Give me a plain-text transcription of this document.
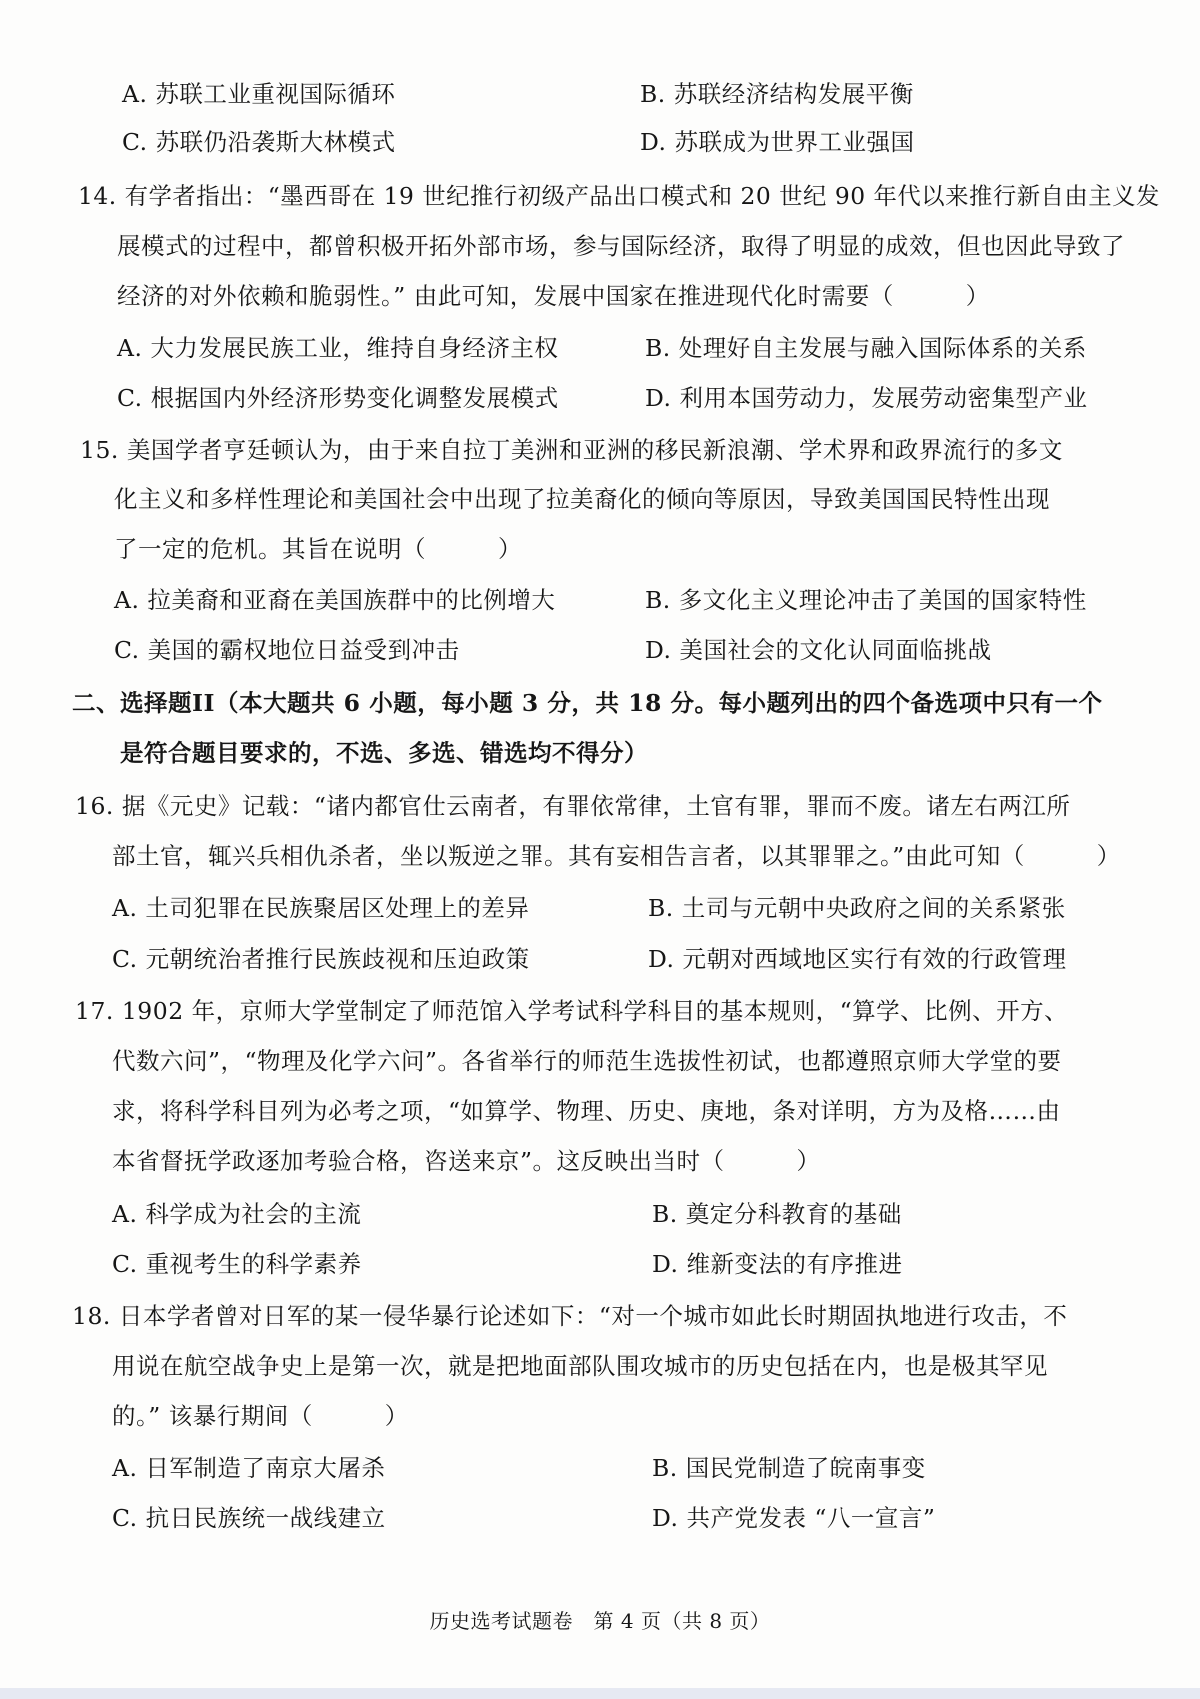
A. 苏联工业重视国际循环	B. 苏联经济结构发展平衡
C. 苏联仍沿袭斯大林模式	D. 苏联成为世界工业强国
14. 有学者指出：“墨西哥在 19 世纪推行初级产品出口模式和 20 世纪 90 年代以来推行新自由主义发
展模式的过程中，都曾积极开拓外部市场，参与国际经济，取得了明显的成效，但也因此导致了
经济的对外依赖和脆弱性。” 由此可知，发展中国家在推进现代化时需要（　　　）
A. 大力发展民族工业，维持自身经济主权	B. 处理好自主发展与融入国际体系的关系
C. 根据国内外经济形势变化调整发展模式	D. 利用本国劳动力，发展劳动密集型产业
15. 美国学者亨廷顿认为，由于来自拉丁美洲和亚洲的移民新浪潮、学术界和政界流行的多文
化主义和多样性理论和美国社会中出现了拉美裔化的倾向等原因，导致美国国民特性出现
了一定的危机。其旨在说明（　　　）
A. 拉美裔和亚裔在美国族群中的比例增大	B. 多文化主义理论冲击了美国的国家特性
C. 美国的霸权地位日益受到冲击	D. 美国社会的文化认同面临挑战
二、选择题II（本大题共 6 小题，每小题 3 分，共 18 分。每小题列出的四个备选项中只有一个
是符合题目要求的，不选、多选、错选均不得分）
16. 据《元史》记载：“诸内都官仕云南者，有罪依常律，土官有罪，罪而不废。诸左右两江所
部土官，辄兴兵相仇杀者，坐以叛逆之罪。其有妄相告言者，以其罪罪之。”由此可知（　　　）
A. 土司犯罪在民族聚居区处理上的差异	B. 土司与元朝中央政府之间的关系紧张
C. 元朝统治者推行民族歧视和压迫政策	D. 元朝对西域地区实行有效的行政管理
17. 1902 年，京师大学堂制定了师范馆入学考试科学科目的基本规则，“算学、比例、开方、
代数六问”，“物理及化学六问”。各省举行的师范生选拔性初试，也都遵照京师大学堂的要
求，将科学科目列为必考之项，“如算学、物理、历史、庚地，条对详明，方为及格……由
本省督抚学政逐加考验合格，咨送来京”。这反映出当时（　　　）
A. 科学成为社会的主流	B. 奠定分科教育的基础
C. 重视考生的科学素养	D. 维新变法的有序推进
18. 日本学者曾对日军的某一侵华暴行论述如下：“对一个城市如此长时期固执地进行攻击，不
用说在航空战争史上是第一次，就是把地面部队围攻城市的历史包括在内，也是极其罕见
的。” 该暴行期间（　　　）
A. 日军制造了南京大屠杀	B. 国民党制造了皖南事变
C. 抗日民族统一战线建立	D. 共产党发表 “八一宣言”
历史选考试题卷　第 4 页（共 8 页）
